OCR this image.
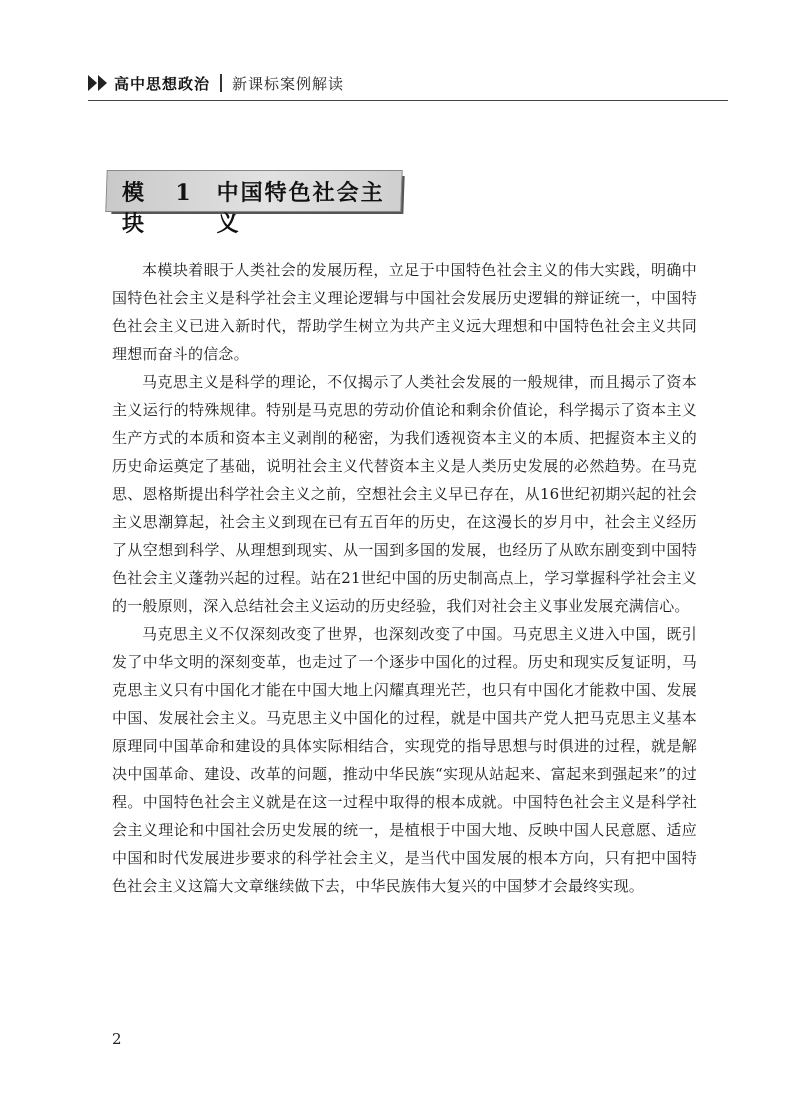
高中思想政治 新课标案例解读
模块
1 中国特色社会主义

本模块着眼于人类社会的发展历程，立足于中国特色社会主义的伟大实践，明确中国特色社会主义是科学社会主义理论逻辑与中国社会发展历史逻辑的辩证统一，中国特色社会主义已进入新时代，帮助学生树立为共产主义远大理想和中国特色社会主义共同理想而奋斗的信念。

马克思主义是科学的理论，不仅揭示了人类社会发展的一般规律，而且揭示了资本主义运行的特殊规律。特别是马克思的劳动价值论和剩余价值论，科学揭示了资本主义生产方式的本质和资本主义剥削的秘密，为我们透视资本主义的本质、把握资本主义的历史命运奠定了基础，说明社会主义代替资本主义是人类历史发展的必然趋势。在马克思、恩格斯提出科学社会主义之前，空想社会主义早已存在，从16世纪初期兴起的社会主义思潮算起，社会主义到现在已有五百年的历史，在这漫长的岁月中，社会主义经历了从空想到科学、从理想到现实、从一国到多国的发展，也经历了从欧东剧变到中国特色社会主义蓬勃兴起的过程。站在21世纪中国的历史制高点上，学习掌握科学社会主义的一般原则，深入总结社会主义运动的历史经验，我们对社会主义事业发展充满信心。

马克思主义不仅深刻改变了世界，也深刻改变了中国。马克思主义进入中国，既引发了中华文明的深刻变革，也走过了一个逐步中国化的过程。历史和现实反复证明，马克思主义只有中国化才能在中国大地上闪耀真理光芒，也只有中国化才能救中国、发展中国、发展社会主义。马克思主义中国化的过程，就是中国共产党人把马克思主义基本原理同中国革命和建设的具体实际相结合，实现党的指导思想与时俱进的过程，就是解决中国革命、建设、改革的问题，推动中华民族“实现从站起来、富起来到强起来”的过程。中国特色社会主义就是在这一过程中取得的根本成就。中国特色社会主义是科学社会主义理论和中国社会历史发展的统一，是植根于中国大地、反映中国人民意愿、适应中国和时代发展进步要求的科学社会主义，是当代中国发展的根本方向，只有把中国特色社会主义这篇大文章继续做下去，中华民族伟大复兴的中国梦才会最终实现。

2
